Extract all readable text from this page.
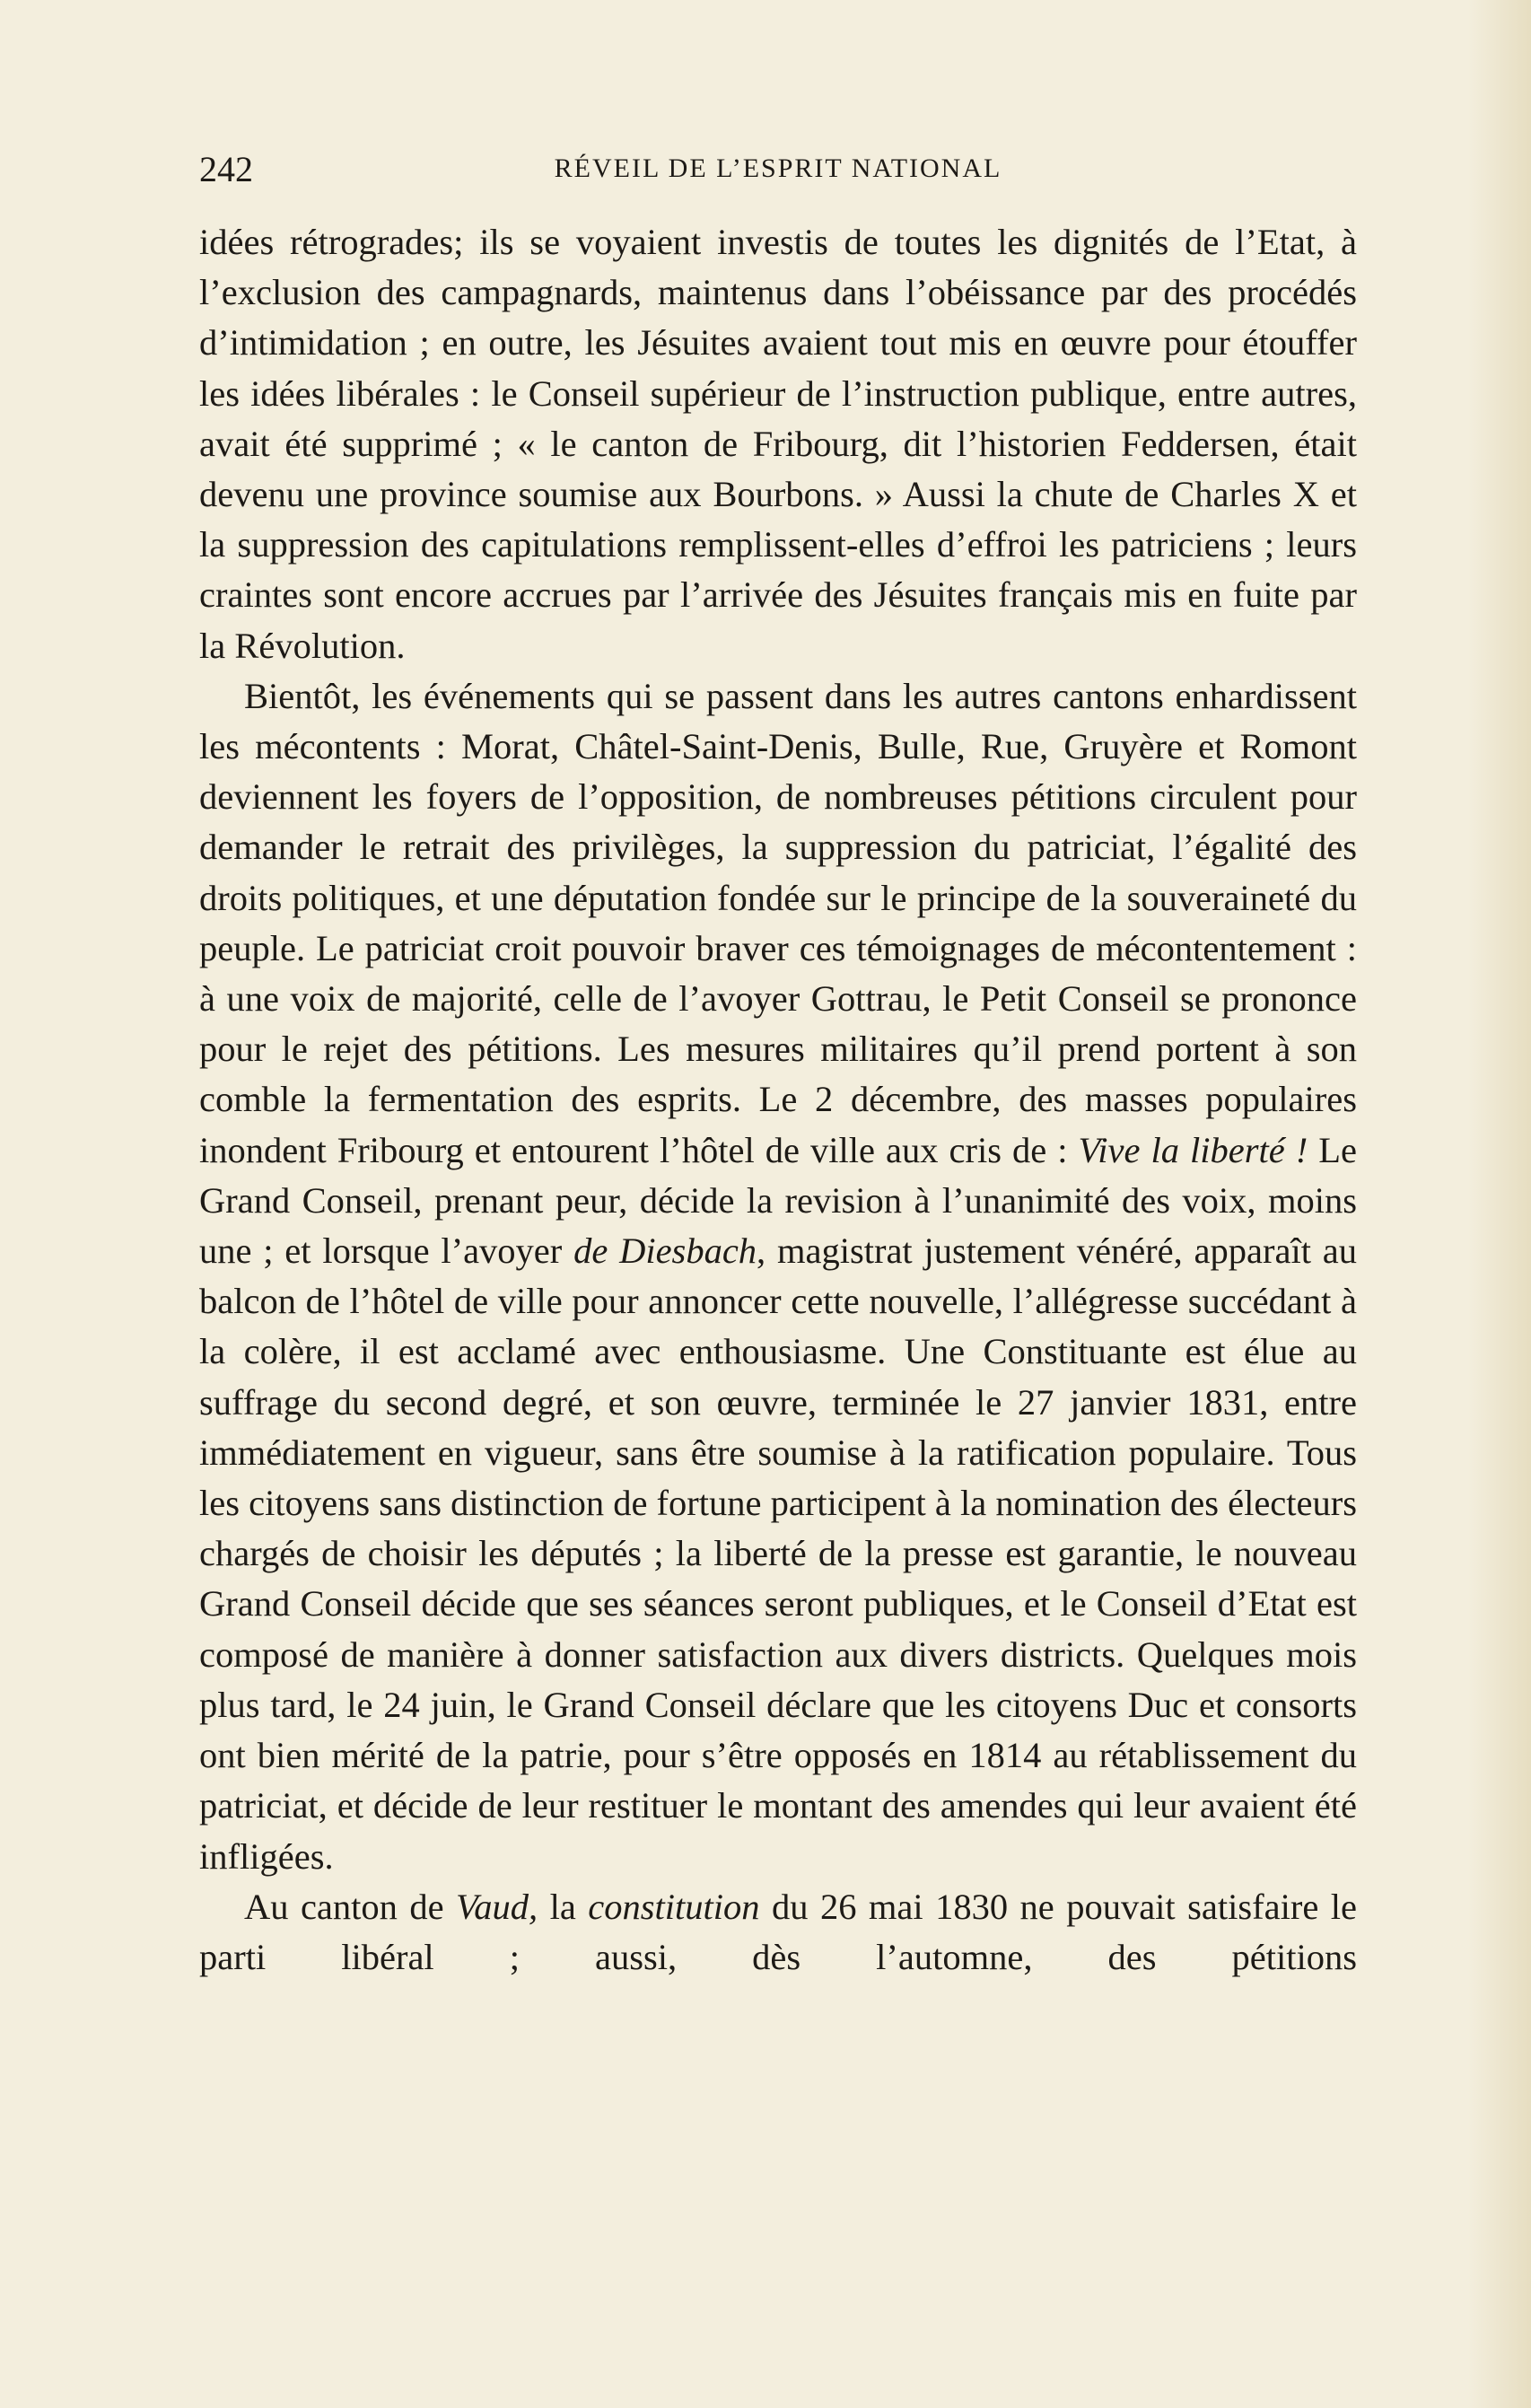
242	RÉVEIL DE L’ESPRIT NATIONAL

idées rétrogrades; ils se voyaient investis de toutes les dignités de l’Etat, à l’exclusion des campagnards, maintenus dans l’obéissance par des procédés d’intimidation ; en outre, les Jésuites avaient tout mis en œuvre pour étouffer les idées libérales : le Conseil supérieur de l’instruction publique, entre autres, avait été supprimé ; « le canton de Fribourg, dit l’historien Feddersen, était devenu une province soumise aux Bourbons. » Aussi la chute de Charles X et la suppression des capitulations remplissent-elles d’effroi les patriciens ; leurs craintes sont encore accrues par l’arrivée des Jésuites français mis en fuite par la Révolution.

Bientôt, les événements qui se passent dans les autres cantons enhardissent les mécontents : Morat, Châtel-Saint-Denis, Bulle, Rue, Gruyère et Romont deviennent les foyers de l’opposition, de nombreuses pétitions circulent pour demander le retrait des privilèges, la suppression du patriciat, l’égalité des droits politiques, et une députation fondée sur le principe de la souveraineté du peuple. Le patriciat croit pouvoir braver ces témoignages de mécontentement : à une voix de majorité, celle de l’avoyer Gottrau, le Petit Conseil se prononce pour le rejet des pétitions. Les mesures militaires qu’il prend portent à son comble la fermentation des esprits. Le 2 décembre, des masses populaires inondent Fribourg et entourent l’hôtel de ville aux cris de : Vive la liberté ! Le Grand Conseil, prenant peur, décide la revision à l’unanimité des voix, moins une ; et lorsque l’avoyer de Diesbach, magistrat justement vénéré, apparaît au balcon de l’hôtel de ville pour annoncer cette nouvelle, l’allégresse succédant à la colère, il est acclamé avec enthousiasme. Une Constituante est élue au suffrage du second degré, et son œuvre, terminée le 27 janvier 1831, entre immédiatement en vigueur, sans être soumise à la ratification populaire. Tous les citoyens sans distinction de fortune participent à la nomination des électeurs chargés de choisir les députés ; la liberté de la presse est garantie, le nouveau Grand Conseil décide que ses séances seront publiques, et le Conseil d’Etat est composé de manière à donner satisfaction aux divers districts. Quelques mois plus tard, le 24 juin, le Grand Conseil déclare que les citoyens Duc et consorts ont bien mérité de la patrie, pour s’être opposés en 1814 au rétablissement du patriciat, et décide de leur restituer le montant des amendes qui leur avaient été infligées.

Au canton de Vaud, la constitution du 26 mai 1830 ne pouvait satisfaire le parti libéral ; aussi, dès l’automne, des pétitions
